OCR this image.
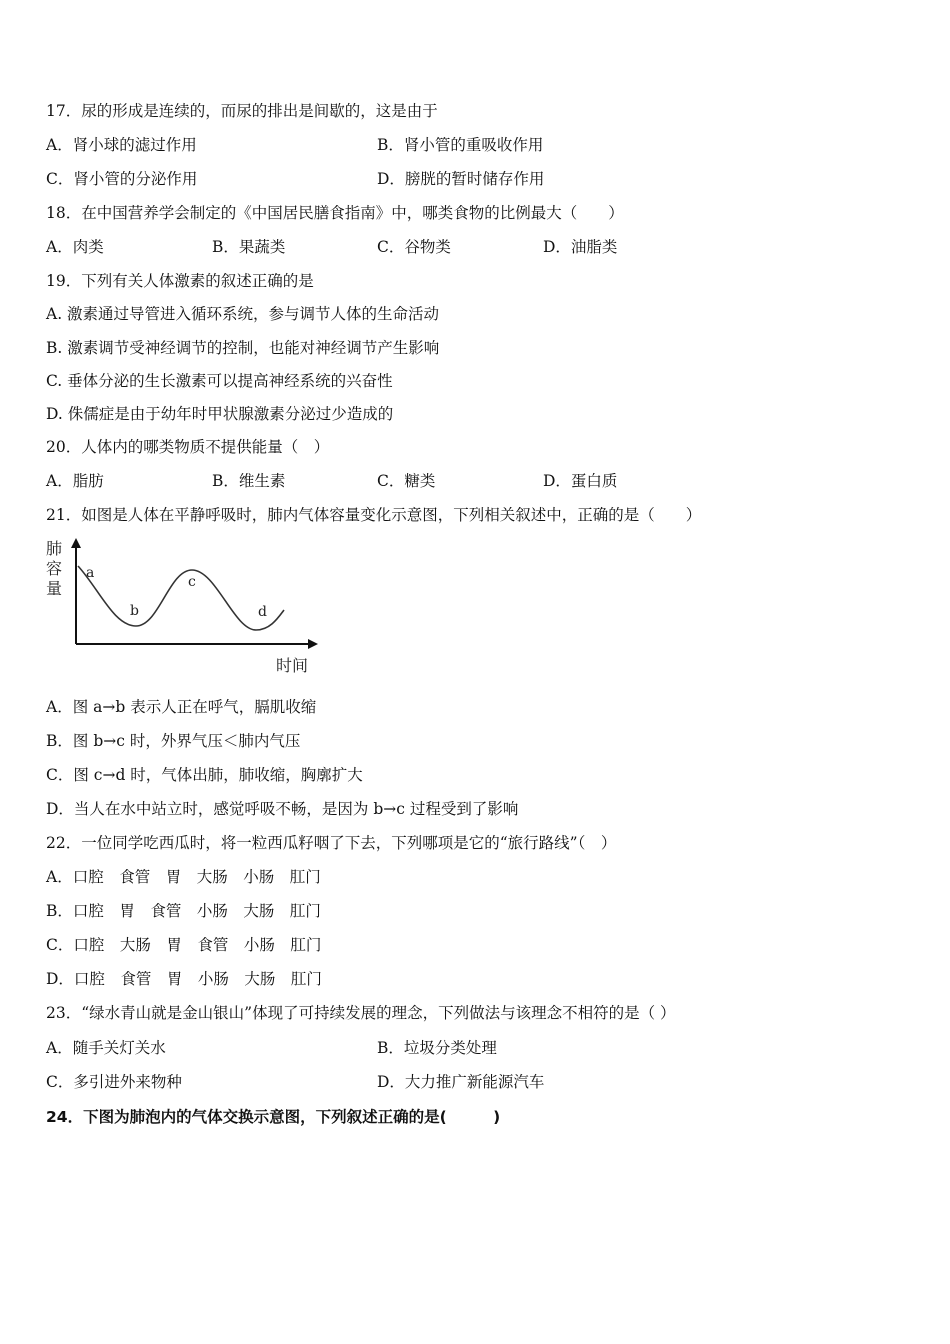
17．尿的形成是连续的，而尿的排出是间歇的，这是由于
A．肾小球的滤过作用	B．肾小管的重吸收作用
C．肾小管的分泌作用	D．膀胱的暂时储存作用
18．在中国营养学会制定的《中国居民膳食指南》中，哪类食物的比例最大（　　）
A．肉类	B．果蔬类	C．谷物类	D．油脂类
19．下列有关人体激素的叙述正确的是
A. 激素通过导管进入循环系统，参与调节人体的生命活动
B. 激素调节受神经调节的控制，也能对神经调节产生影响
C. 垂体分泌的生长激素可以提高神经系统的兴奋性
D. 侏儒症是由于幼年时甲状腺激素分泌过少造成的
20．人体内的哪类物质不提供能量（　）
A．脂肪	B．维生素	C．糖类	D．蛋白质
21．如图是人体在平静呼吸时，肺内气体容量变化示意图，下列相关叙述中，正确的是（　　）
肺
容
量
a
b
c
d
时间
A．图 a→b 表示人正在呼气，膈肌收缩
B．图 b→c 时，外界气压＜肺内气压
C．图 c→d 时，气体出肺，肺收缩，胸廓扩大
D．当人在水中站立时，感觉呼吸不畅，是因为 b→c 过程受到了影响
22．一位同学吃西瓜时，将一粒西瓜籽咽了下去，下列哪项是它的“旅行路线”（　）
A．口腔　食管　胃　大肠　小肠　肛门
B．口腔　胃　食管　小肠　大肠　肛门
C．口腔　大肠　胃　食管　小肠　肛门
D．口腔　食管　胃　小肠　大肠　肛门
23．“绿水青山就是金山银山”体现了可持续发展的理念，下列做法与该理念不相符的是（ ）
A．随手关灯关水	B．垃圾分类处理
C．多引进外来物种	D．大力推广新能源汽车
24．下图为肺泡内的气体交换示意图，下列叙述正确的是(　　　)
